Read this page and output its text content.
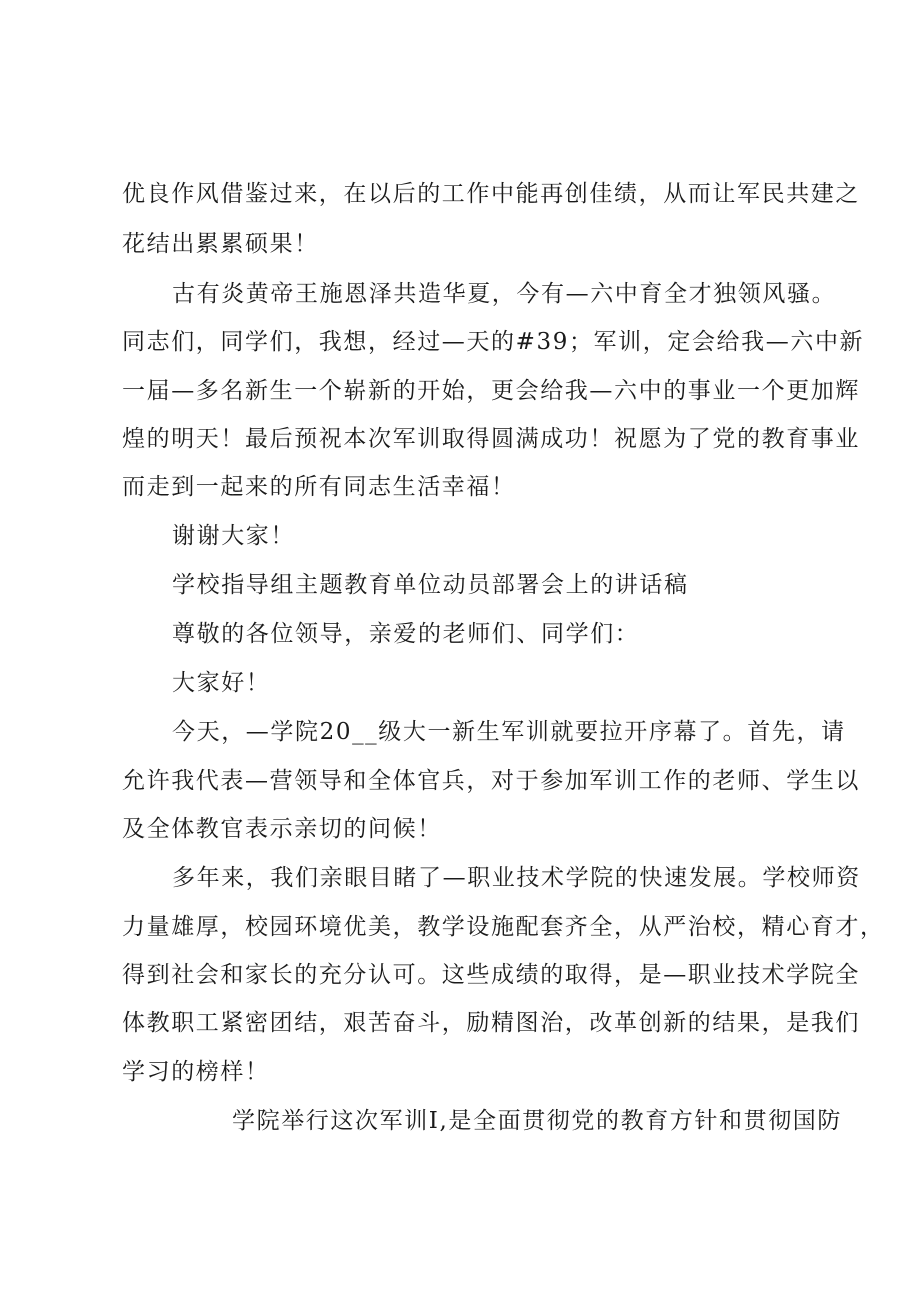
优良作风借鉴过来，在以后的工作中能再创佳绩，从而让军民共建之
花结出累累硕果！
古有炎黄帝王施恩泽共造华夏，今有—六中育全才独领风骚。
同志们，同学们，我想，经过—天的#39；军训，定会给我—六中新
一届—多名新生一个崭新的开始，更会给我—六中的事业一个更加辉
煌的明天！最后预祝本次军训取得圆满成功！祝愿为了党的教育事业
而走到一起来的所有同志生活幸福！
谢谢大家！
学校指导组主题教育单位动员部署会上的讲话稿
尊敬的各位领导，亲爱的老师们、同学们：
大家好！
今天，—学院20__级大一新生军训就要拉开序幕了。首先，请
允许我代表—营领导和全体官兵，对于参加军训工作的老师、学生以
及全体教官表示亲切的问候！
多年来，我们亲眼目睹了—职业技术学院的快速发展。学校师资
力量雄厚，校园环境优美，教学设施配套齐全，从严治校，精心育才，
得到社会和家长的充分认可。这些成绩的取得，是—职业技术学院全
体教职工紧密团结，艰苦奋斗，励精图治，改革创新的结果，是我们
学习的榜样！
学院举行这次军训I,是全面贯彻党的教育方针和贯彻国防
